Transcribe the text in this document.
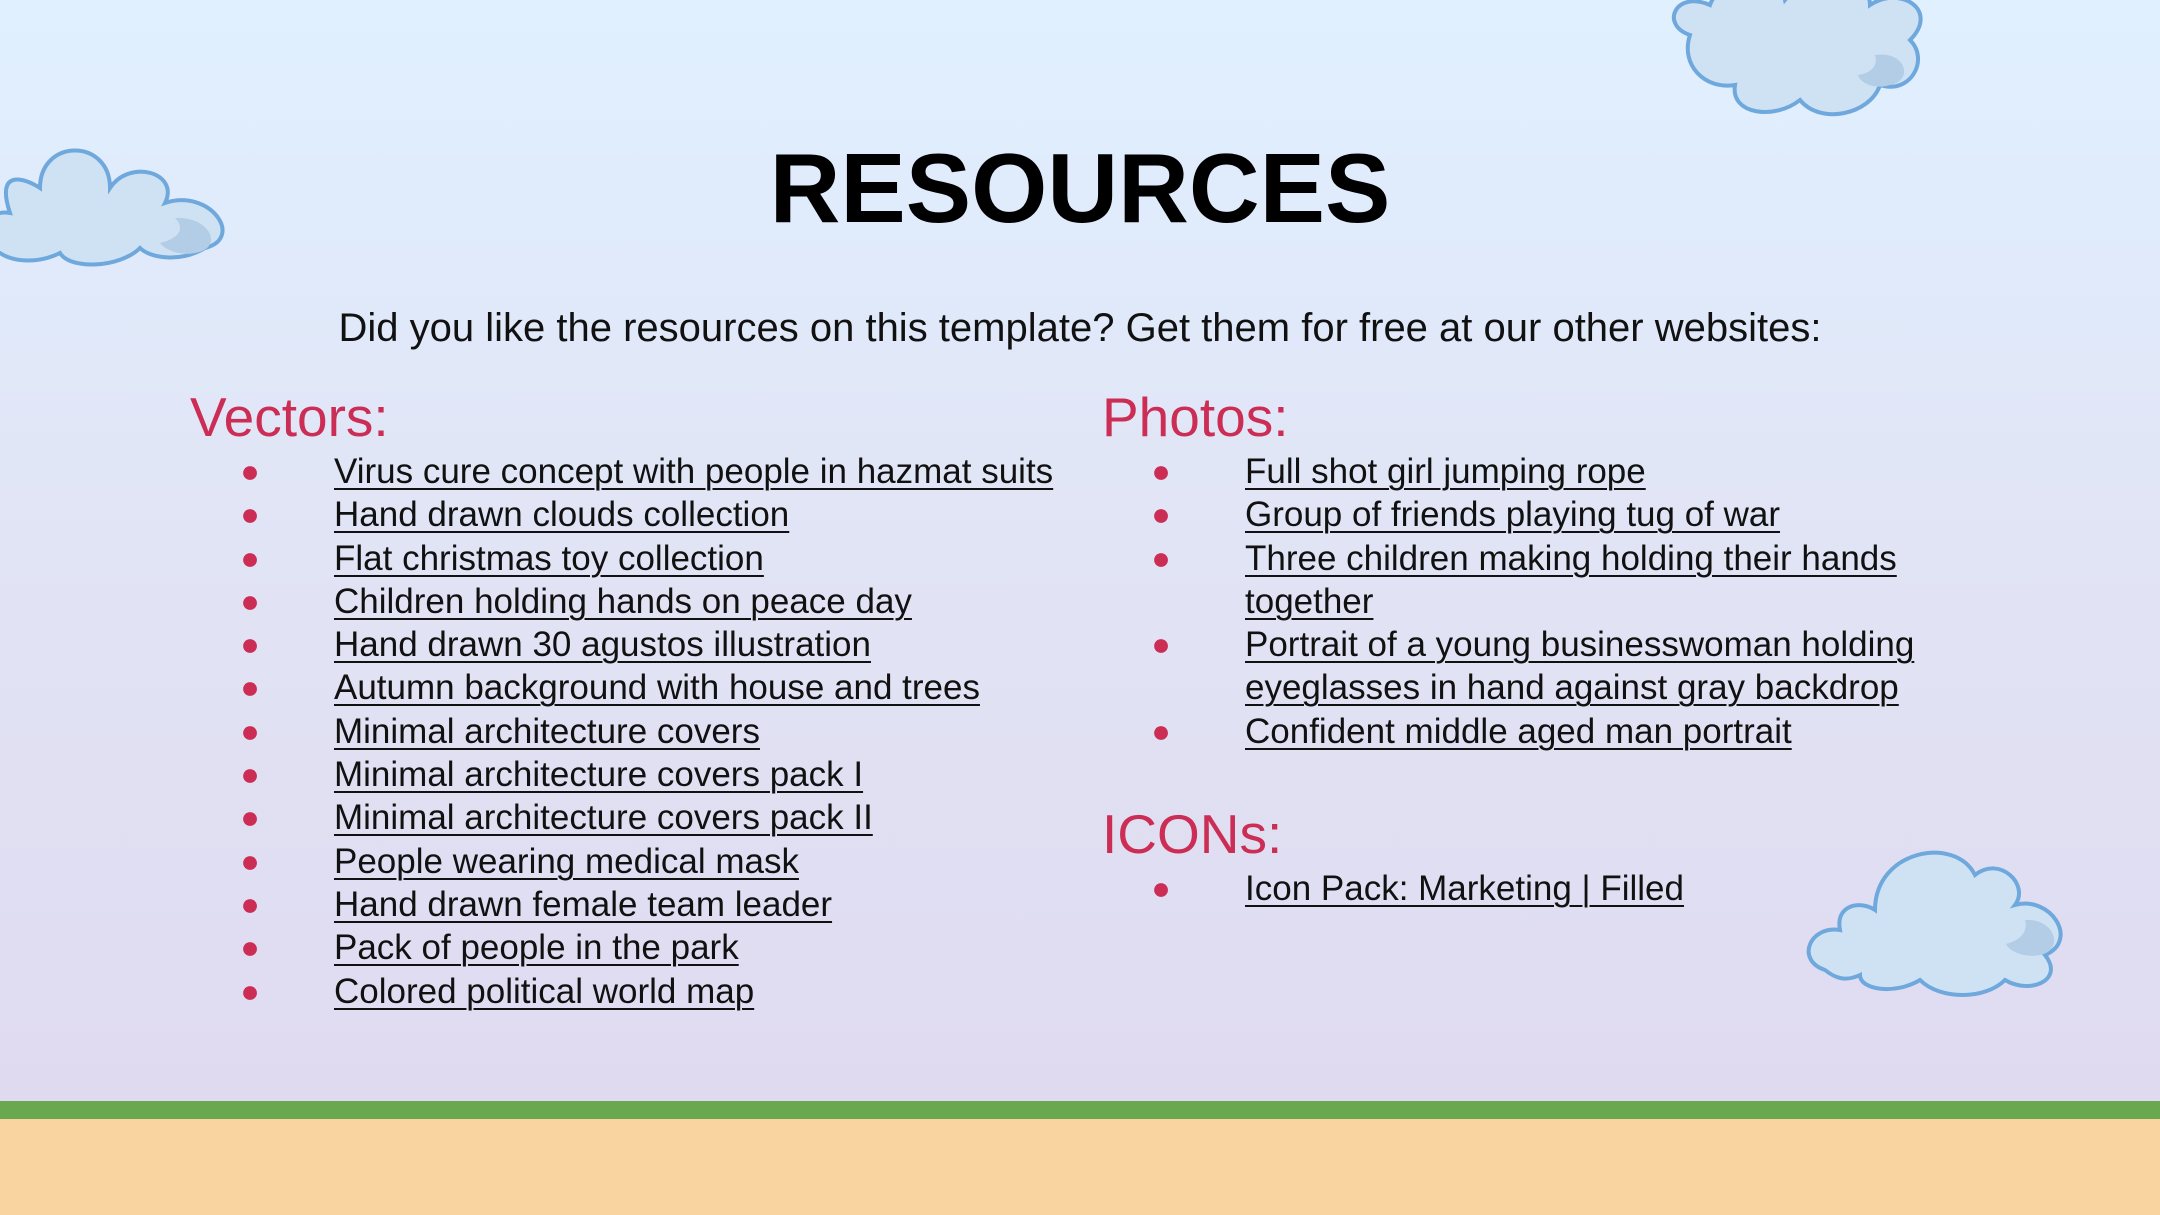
RESOURCES
Did you like the resources on this template? Get them for free at our other websites:
Vectors:
●	Virus cure concept with people in hazmat suits
●	Hand drawn clouds collection
●	Flat christmas toy collection
●	Children holding hands on peace day
●	Hand drawn 30 agustos illustration
●	Autumn background with house and trees
●	Minimal architecture covers
●	Minimal architecture covers pack I
●	Minimal architecture covers pack II
●	People wearing medical mask
●	Hand drawn female team leader
●	Pack of people in the park
●	Colored political world map
Photos:
●	Full shot girl jumping rope
●	Group of friends playing tug of war
●	Three children making holding their hands together
●	Portrait of a young businesswoman holding eyeglasses in hand against gray backdrop
●	Confident middle aged man portrait
ICONs:
●	Icon Pack: Marketing | Filled
